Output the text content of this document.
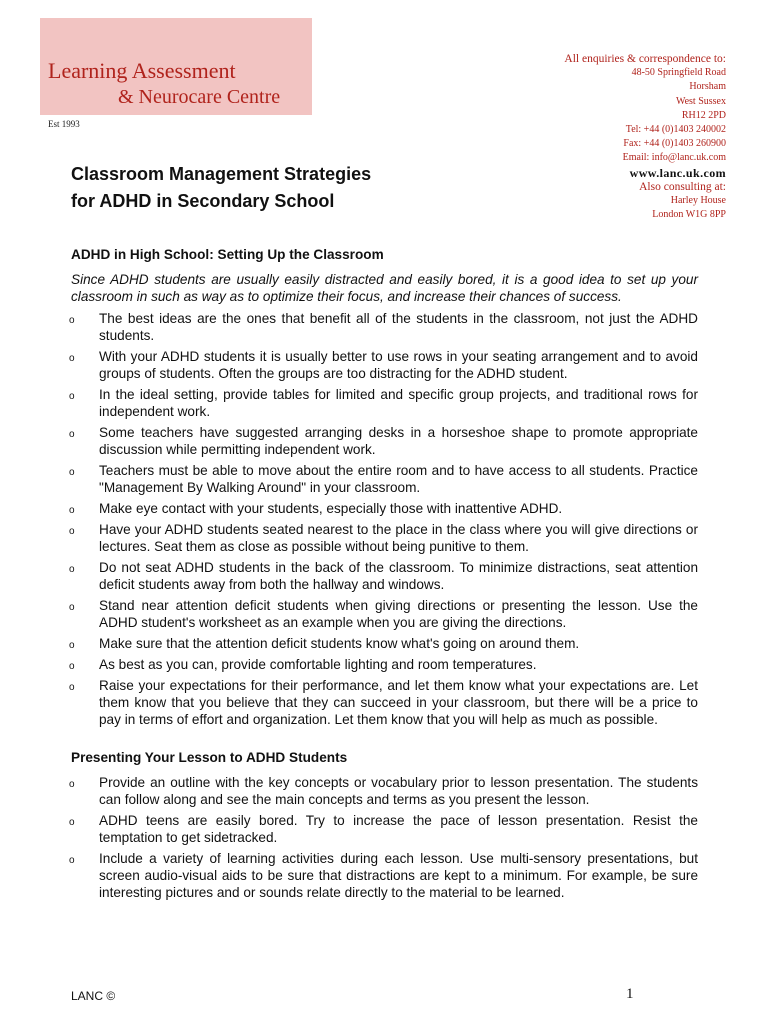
Learning Assessment
& Neurocare Centre
Est 1993
All enquiries & correspondence to:
48-50 Springfield Road
Horsham
West Sussex
RH12 2PD
Tel: +44 (0)1403 240002
Fax: +44 (0)1403 260900
Email: info@lanc.uk.com
www.lanc.uk.com
Also consulting at:
Harley House
London W1G 8PP
Classroom Management Strategies
for ADHD in Secondary School
ADHD in High School: Setting Up the Classroom
Since ADHD students are usually easily distracted and easily bored, it is a good idea to set up your classroom in such as way as to optimize their focus, and increase their chances of success.
o The best ideas are the ones that benefit all of the students in the classroom, not just the ADHD students.
o With your ADHD students it is usually better to use rows in your seating arrangement and to avoid groups of students. Often the groups are too distracting for the ADHD student.
o In the ideal setting, provide tables for limited and specific group projects, and traditional rows for independent work.
o Some teachers have suggested arranging desks in a horseshoe shape to promote appropriate discussion while permitting independent work.
o Teachers must be able to move about the entire room and to have access to all students. Practice "Management By Walking Around" in your classroom.
o Make eye contact with your students, especially those with inattentive ADHD.
o Have your ADHD students seated nearest to the place in the class where you will give directions or lectures. Seat them as close as possible without being punitive to them.
o Do not seat ADHD students in the back of the classroom. To minimize distractions, seat attention deficit students away from both the hallway and windows.
o Stand near attention deficit students when giving directions or presenting the lesson. Use the ADHD student's worksheet as an example when you are giving the directions.
o Make sure that the attention deficit students know what's going on around them.
o As best as you can, provide comfortable lighting and room temperatures.
o Raise your expectations for their performance, and let them know what your expectations are. Let them know that you believe that they can succeed in your classroom, but there will be a price to pay in terms of effort and organization. Let them know that you will help as much as possible.
Presenting Your Lesson to ADHD Students
o Provide an outline with the key concepts or vocabulary prior to lesson presentation. The students can follow along and see the main concepts and terms as you present the lesson.
o ADHD teens are easily bored. Try to increase the pace of lesson presentation. Resist the temptation to get sidetracked.
o Include a variety of learning activities during each lesson. Use multi-sensory presentations, but screen audio-visual aids to be sure that distractions are kept to a minimum. For example, be sure interesting pictures and or sounds relate directly to the material to be learned.
LANC ©	1
